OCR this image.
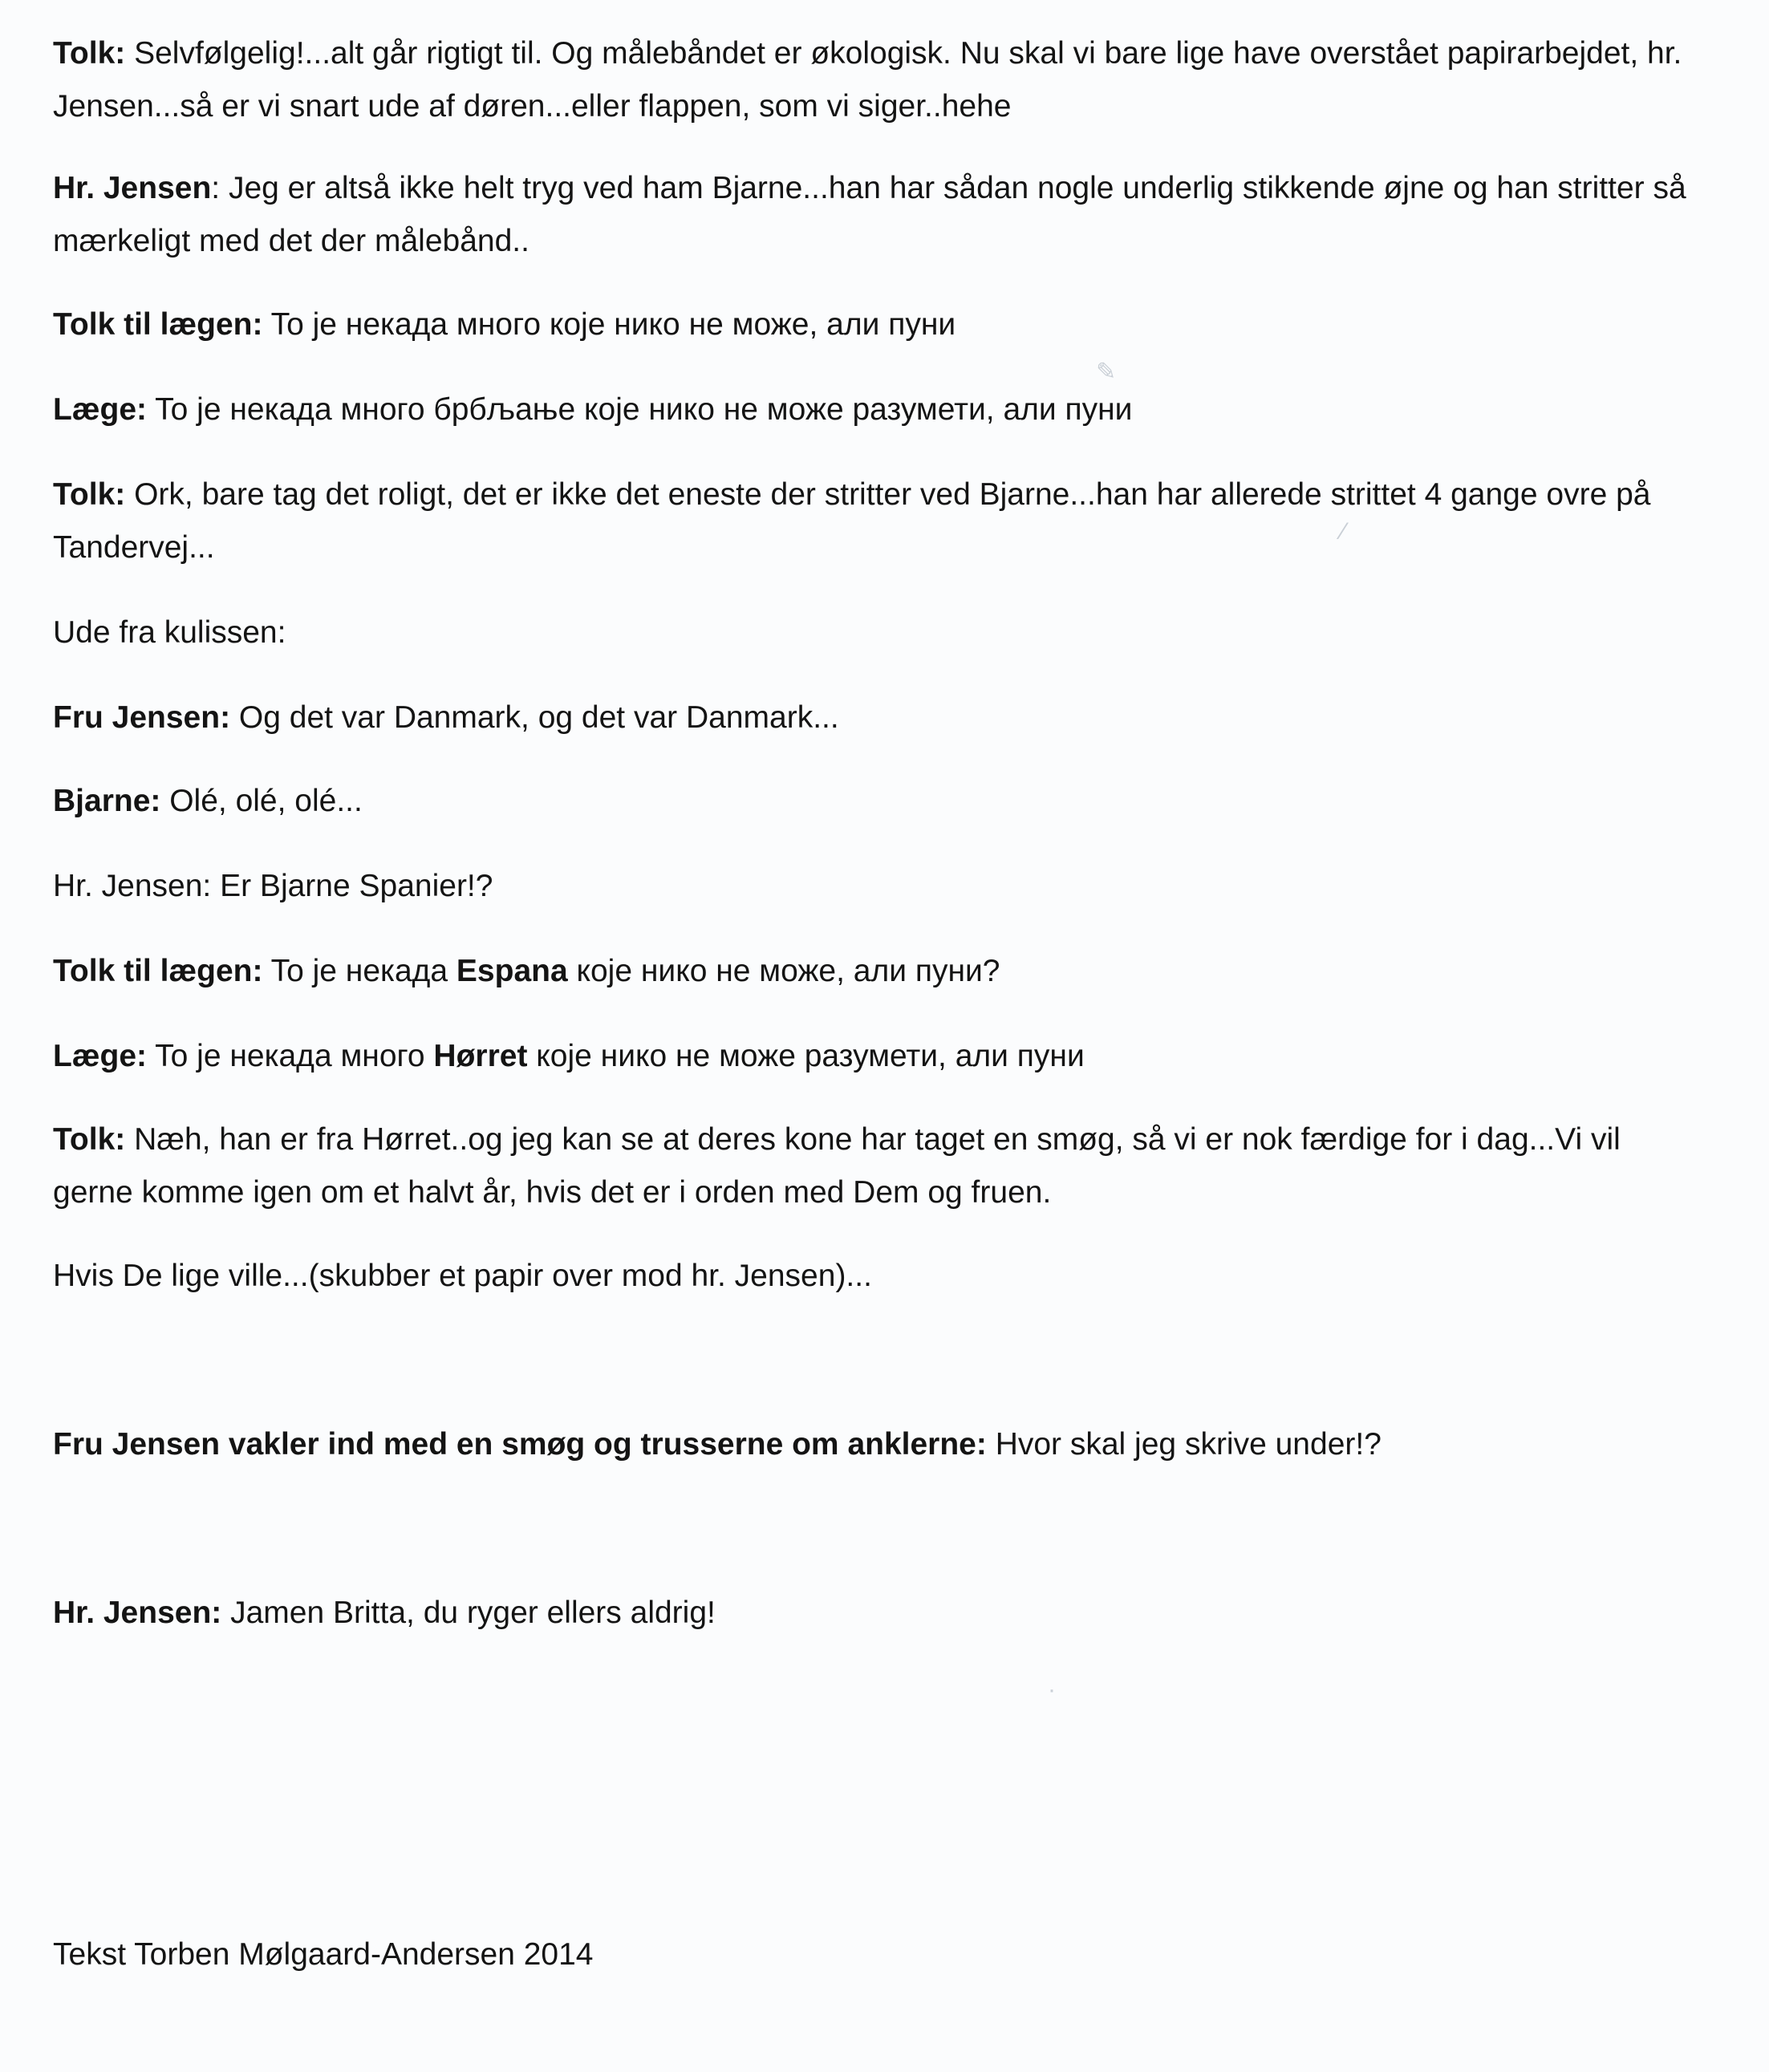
Tolk: Selvfølgelig!...alt går rigtigt til. Og målebåndet er økologisk. Nu skal vi bare lige have overstået papirarbejdet, hr. Jensen...så er vi snart ude af døren...eller flappen, som vi siger..hehe

Hr. Jensen: Jeg er altså ikke helt tryg ved ham Bjarne...han har sådan nogle underlig stikkende øjne og han stritter så mærkeligt med det der målebånd..

Tolk til lægen: To je некада много које нико не може, али пуни

Læge: To je некада много брбљање које нико не може разумети, али пуни

Tolk: Ork, bare tag det roligt, det er ikke det eneste der stritter ved Bjarne...han har allerede strittet 4 gange ovre på Tandervej...

Ude fra kulissen:

Fru Jensen: Og det var Danmark, og det var Danmark...

Bjarne: Olé, olé, olé...

Hr. Jensen: Er Bjarne Spanier!?

Tolk til lægen: To je некада Espana које нико не може, али пуни?

Læge: To je некада много Hørret које нико не може разумети, али пуни

Tolk: Næh, han er fra Hørret..og jeg kan se at deres kone har taget en smøg, så vi er nok færdige for i dag...Vi vil gerne komme igen om et halvt år, hvis det er i orden med Dem og fruen.

Hvis De lige ville...(skubber et papir over mod hr. Jensen)...

Fru Jensen vakler ind med en smøg og trusserne om anklerne: Hvor skal jeg skrive under!?

Hr. Jensen: Jamen Britta, du ryger ellers aldrig!

Tekst Torben Mølgaard-Andersen 2014

✎
⁄
·
